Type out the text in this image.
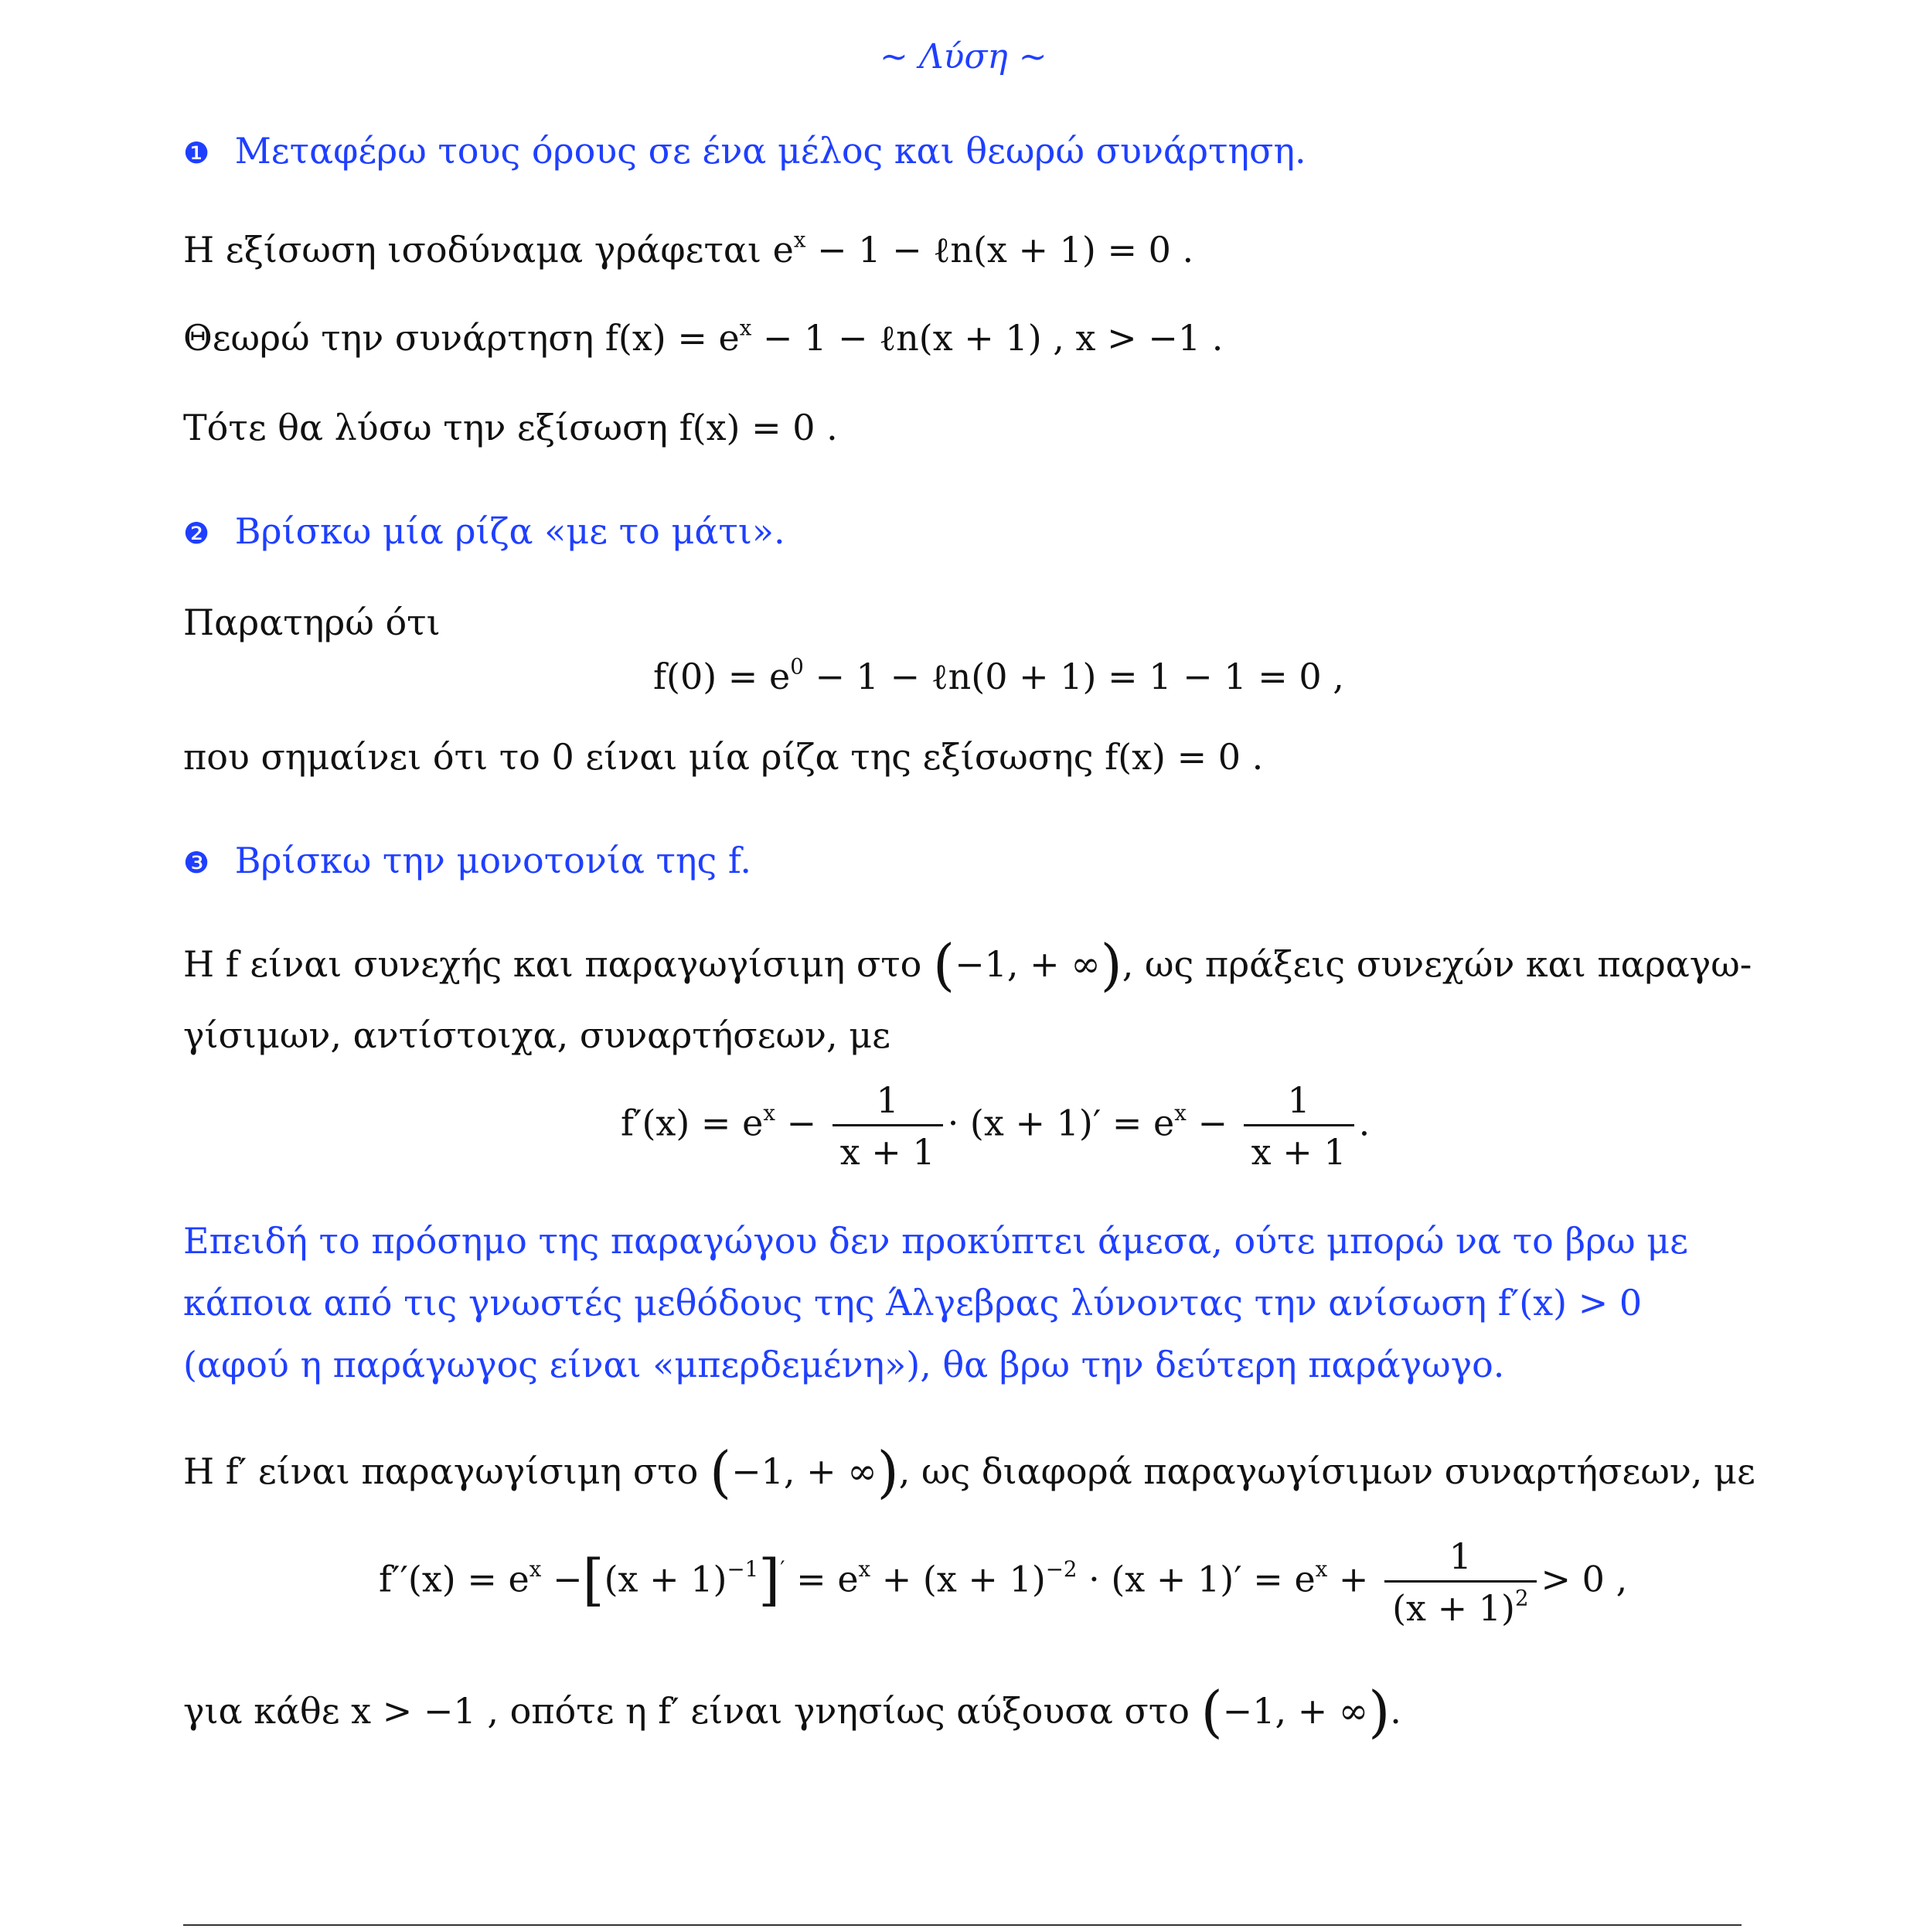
~ Λύση ~
❶ Μεταφέρω τους όρους σε ένα μέλος και θεωρώ συνάρτηση.
Η εξίσωση ισοδύναμα γράφεται $e^x - 1$ − ℓn(x + 1) = 0 .
Θεωρώ την συνάρτηση $f(x) = e^x - 1$ − ℓn(x + 1) , x > −1 .
Τότε θα λύσω την εξίσωση f(x) = 0 .
❷ Βρίσκω μία ρίζα «με το μάτι».
Παρατηρώ ότι
$f(0) = e^0 - 1$ − ℓn(0 + 1) = 1 − 1 = 0 ,
που σημαίνει ότι το 0 είναι μία ρίζα της εξίσωσης f(x) = 0 .
❸ Βρίσκω την μονοτονία της f.
Η f είναι συνεχής και παραγωγίσιμη στο (−1, + ∞), ως πράξεις συνεχών και παραγω-
γίσιμων, αντίστοιχα, συναρτήσεων, με
$f'(x) = e^x - \frac{1}{x + 1} \cdot (x + 1)' = e^x - \frac{1}{x + 1}$ .
Επειδή το πρόσημο της παραγώγου δεν προκύπτει άμεσα, ούτε μπορώ να το βρω με
κάποια από τις γνωστές μεθόδους της Άλγεβρας λύνοντας την ανίσωση f′(x) > 0
(αφού η παράγωγος είναι «μπερδεμένη»), θα βρω την δεύτερη παράγωγο.
Η f′ είναι παραγωγίσιμη στο (−1, + ∞), ως διαφορά παραγωγίσιμων συναρτήσεων, με
$f''(x) = e^x -[(x + 1)^{-1}]' = e^x + (x + 1)^{-2} \cdot (x + 1)' = e^x + \frac{1}{(x + 1)^2} > 0$ ,
για κάθε x > −1 , οπότε η f′ είναι γνησίως αύξουσα στο (−1, + ∞).
